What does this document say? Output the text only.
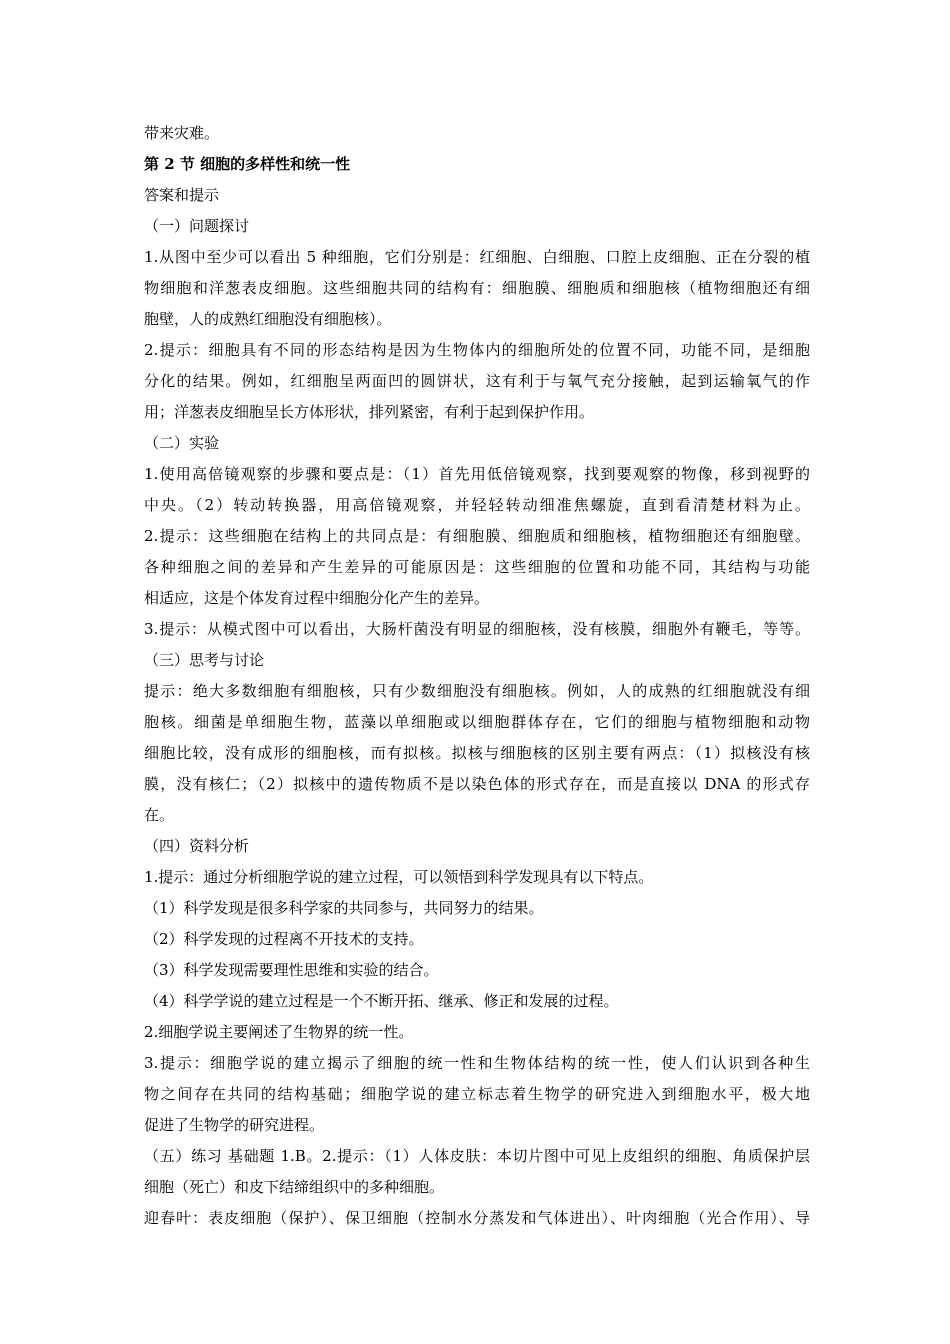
带来灾难。
第 2 节 细胞的多样性和统一性
答案和提示
（一）问题探讨
1.从图中至少可以看出 5 种细胞，它们分别是：红细胞、白细胞、口腔上皮细胞、正在分裂的植
物细胞和洋葱表皮细胞。这些细胞共同的结构有：细胞膜、细胞质和细胞核（植物细胞还有细
胞壁，人的成熟红细胞没有细胞核）。
2.提示：细胞具有不同的形态结构是因为生物体内的细胞所处的位置不同，功能不同，是细胞
分化的结果。例如，红细胞呈两面凹的圆饼状，这有利于与氧气充分接触，起到运输氧气的作
用；洋葱表皮细胞呈长方体形状，排列紧密，有利于起到保护作用。
（二）实验
1.使用高倍镜观察的步骤和要点是：（1）首先用低倍镜观察，找到要观察的物像，移到视野的
中央。（2）转动转换器，用高倍镜观察，并轻轻转动细准焦螺旋，直到看清楚材料为止。
2.提示：这些细胞在结构上的共同点是：有细胞膜、细胞质和细胞核，植物细胞还有细胞壁。
各种细胞之间的差异和产生差异的可能原因是：这些细胞的位置和功能不同，其结构与功能
相适应，这是个体发育过程中细胞分化产生的差异。
3.提示：从模式图中可以看出，大肠杆菌没有明显的细胞核，没有核膜，细胞外有鞭毛，等等。
（三）思考与讨论
提示：绝大多数细胞有细胞核，只有少数细胞没有细胞核。例如，人的成熟的红细胞就没有细
胞核。细菌是单细胞生物，蓝藻以单细胞或以细胞群体存在，它们的细胞与植物细胞和动物
细胞比较，没有成形的细胞核，而有拟核。拟核与细胞核的区别主要有两点：（1）拟核没有核
膜，没有核仁；（2）拟核中的遗传物质不是以染色体的形式存在，而是直接以 DNA 的形式存
在。
（四）资料分析
1.提示：通过分析细胞学说的建立过程，可以领悟到科学发现具有以下特点。
（1）科学发现是很多科学家的共同参与，共同努力的结果。
（2）科学发现的过程离不开技术的支持。
（3）科学发现需要理性思维和实验的结合。
（4）科学学说的建立过程是一个不断开拓、继承、修正和发展的过程。
2.细胞学说主要阐述了生物界的统一性。
3.提示：细胞学说的建立揭示了细胞的统一性和生物体结构的统一性，使人们认识到各种生
物之间存在共同的结构基础；细胞学说的建立标志着生物学的研究进入到细胞水平，极大地
促进了生物学的研究进程。
（五）练习 基础题 1.B。2.提示：（1）人体皮肤：本切片图中可见上皮组织的细胞、角质保护层
细胞（死亡）和皮下结缔组织中的多种细胞。
迎春叶：表皮细胞（保护）、保卫细胞（控制水分蒸发和气体进出）、叶肉细胞（光合作用）、导
